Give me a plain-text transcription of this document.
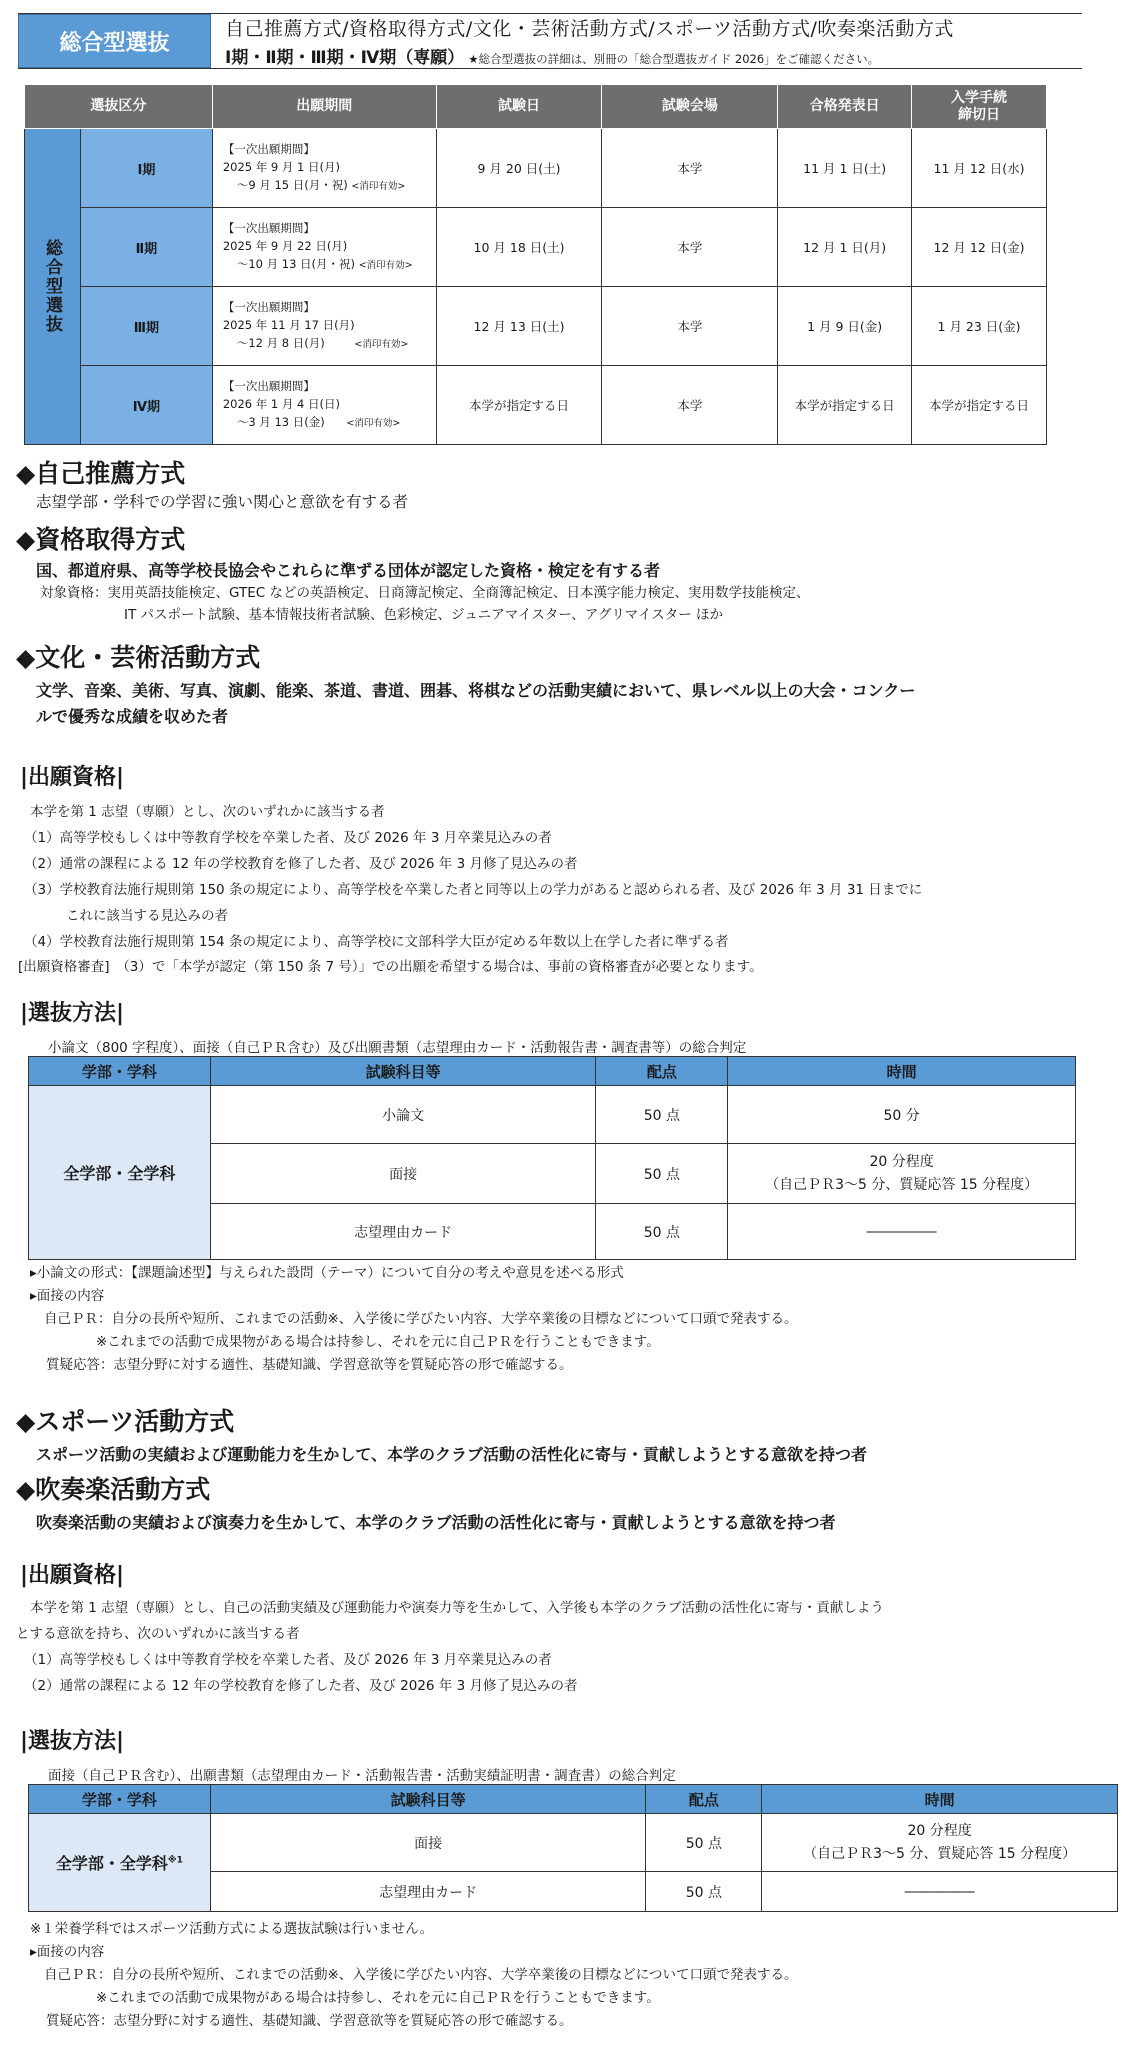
総合型選抜
自己推薦方式/資格取得方式/文化・芸術活動方式/スポーツ活動方式/吹奏楽活動方式
Ⅰ期・Ⅱ期・Ⅲ期・Ⅳ期（専願） ★総合型選抜の詳細は、別冊の「総合型選抜ガイド 2026」をご確認ください。
選抜区分		出願期間	試験日	試験会場	合格発表日	入学手続
締切日
総合型選抜	Ⅰ期	【一次出願期間】
2025 年 9 月 1 日(月)
〜9 月 15 日(月・祝) <消印有効>	9 月 20 日(土)	本学	11 月 1 日(土)	11 月 12 日(水)
	Ⅱ期	【一次出願期間】
2025 年 9 月 22 日(月)
〜10 月 13 日(月・祝) <消印有効>	10 月 18 日(土)	本学	12 月 1 日(月)	12 月 12 日(金)
	Ⅲ期	【一次出願期間】
2025 年 11 月 17 日(月)
〜12 月 8 日(月) <消印有効>	12 月 13 日(土)	本学	1 月 9 日(金)	1 月 23 日(金)
	Ⅳ期	【一次出願期間】
2026 年 1 月 4 日(日)
〜3 月 13 日(金) <消印有効>	本学が指定する日	本学	本学が指定する日	本学が指定する日
◆自己推薦方式
志望学部・学科での学習に強い関心と意欲を有する者
◆資格取得方式
国、都道府県、高等学校長協会やこれらに準ずる団体が認定した資格・検定を有する者
対象資格：実用英語技能検定、GTEC などの英語検定、日商簿記検定、全商簿記検定、日本漢字能力検定、実用数学技能検定、
IT パスポート試験、基本情報技術者試験、色彩検定、ジュニアマイスター、アグリマイスター ほか
◆文化・芸術活動方式
文学、音楽、美術、写真、演劇、能楽、茶道、書道、囲碁、将棋などの活動実績において、県レベル以上の大会・コンクー
ルで優秀な成績を収めた者
|出願資格|
本学を第 1 志望（専願）とし、次のいずれかに該当する者
（1）高等学校もしくは中等教育学校を卒業した者、及び 2026 年 3 月卒業見込みの者
（2）通常の課程による 12 年の学校教育を修了した者、及び 2026 年 3 月修了見込みの者
（3）学校教育法施行規則第 150 条の規定により、高等学校を卒業した者と同等以上の学力があると認められる者、及び 2026 年 3 月 31 日までに
これに該当する見込みの者
（4）学校教育法施行規則第 154 条の規定により、高等学校に文部科学大臣が定める年数以上在学した者に準ずる者
[出願資格審査]　（3）で「本学が認定（第 150 条 7 号）」での出願を希望する場合は、事前の資格審査が必要となります。
|選抜方法|
小論文（800 字程度）、面接（自己ＰＲ含む）及び出願書類（志望理由カード・活動報告書・調査書等）の総合判定
学部・学科	試験科目等	配点	時間
全学部・全学科	小論文	50 点	50 分
	面接	50 点	20 分程度
（自己ＰＲ3〜5 分、質疑応答 15 分程度）

	志望理由カード	50 点	―――――
▸小論文の形式：【課題論述型】与えられた設問（テーマ）について自分の考えや意見を述べる形式
▸面接の内容
自己ＰＲ：自分の長所や短所、これまでの活動※、入学後に学びたい内容、大学卒業後の目標などについて口頭で発表する。
※これまでの活動で成果物がある場合は持参し、それを元に自己ＰＲを行うこともできます。
質疑応答：志望分野に対する適性、基礎知識、学習意欲等を質疑応答の形で確認する。
◆スポーツ活動方式
スポーツ活動の実績および運動能力を生かして、本学のクラブ活動の活性化に寄与・貢献しようとする意欲を持つ者
◆吹奏楽活動方式
吹奏楽活動の実績および演奏力を生かして、本学のクラブ活動の活性化に寄与・貢献しようとする意欲を持つ者
|出願資格|
本学を第 1 志望（専願）とし、自己の活動実績及び運動能力や演奏力等を生かして、入学後も本学のクラブ活動の活性化に寄与・貢献しよう
とする意欲を持ち、次のいずれかに該当する者
（1）高等学校もしくは中等教育学校を卒業した者、及び 2026 年 3 月卒業見込みの者
（2）通常の課程による 12 年の学校教育を修了した者、及び 2026 年 3 月修了見込みの者
|選抜方法|
面接（自己ＰＲ含む）、出願書類（志望理由カード・活動報告書・活動実績証明書・調査書）の総合判定
学部・学科	試験科目等	配点	時間
全学部・全学科$^{※1}$	面接	50 点	20 分程度
（自己ＰＲ3〜5 分、質疑応答 15 分程度）

	志望理由カード	50 点	―――――
※１栄養学科ではスポーツ活動方式による選抜試験は行いません。
▸面接の内容
自己ＰＲ：自分の長所や短所、これまでの活動※、入学後に学びたい内容、大学卒業後の目標などについて口頭で発表する。
※これまでの活動で成果物がある場合は持参し、それを元に自己ＰＲを行うこともできます。
質疑応答：志望分野に対する適性、基礎知識、学習意欲等を質疑応答の形で確認する。
